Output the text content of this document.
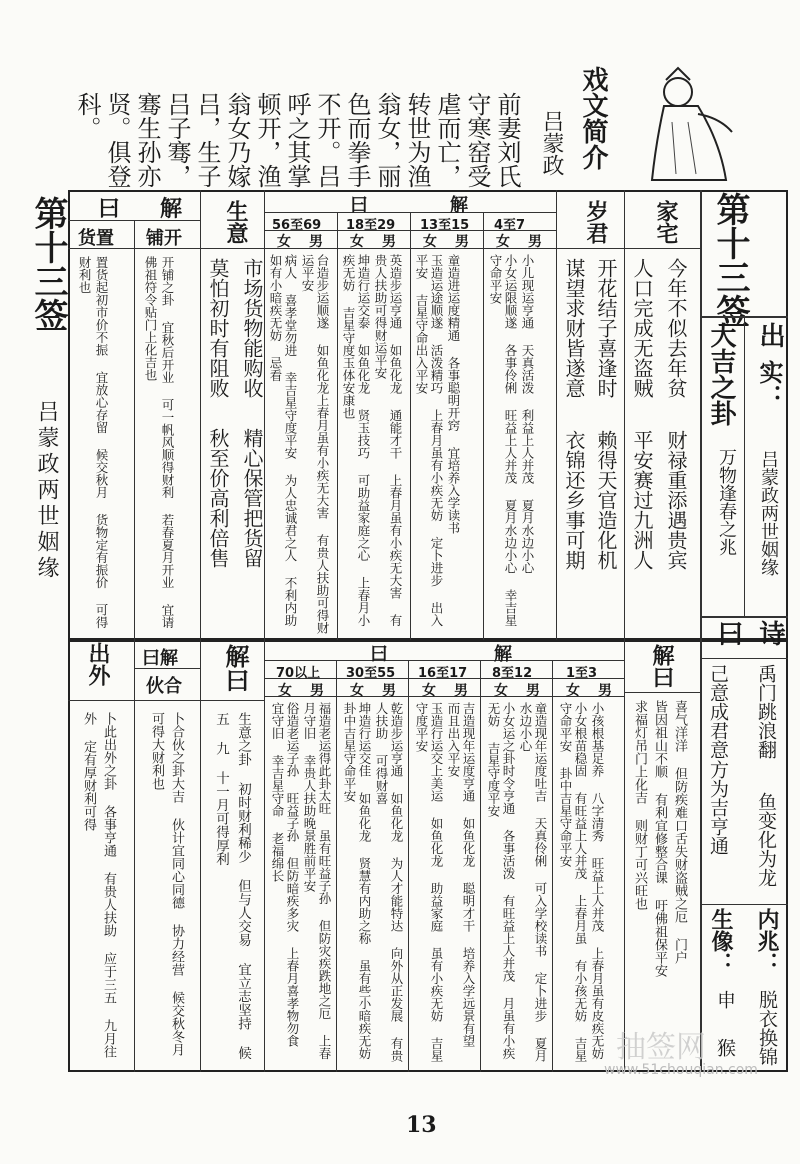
戏文简介
吕蒙政
前妻刘氏守寒窑受虐而亡，转世为渔翁女，丽色而拳手不开。吕呼之其掌顿开，渔翁女乃嫁吕，生子吕子骞，骞生孙亦贤。俱登科。
第十三签
吕蒙政两世姻缘
第十三签
大吉之卦 出
实：
吕蒙政两世姻缘
万物逢春之兆
曰 诗
禹门跳浪翻
鱼变化为龙
方为吉亨通
己意成君意
内兆：
脱衣换锦
生像：
申
猴
家宅
今年不似去年贫
财禄重添遇贵宾
人口完成无盗贼
平安赛过九洲人
岁君
开花结子喜逢时
赖得天官造化机
谋望求财皆遂意
衣锦还乡事可期
解
曰
4至7
13至15
18至29
56至69
男
女
男
女
男
女
男
女
小儿现运亨通 天真活泼 利益上人并茂 夏月水边小心
小女运限顺遂 各事伶俐 旺益上人并茂 夏月水边小心 幸吉星守命平安
童造进运度精通 各事聪明开窍 宜培养入学读书
玉造运途顺遂 活泼精巧 上春月虽有小疾无妨 定卜进步 出入平安 吉星守命出入平安
英造步运亨通 如鱼化龙 通能才干 上春月虽有小疾无大害 有贵人扶助可得财运平安
坤造行运交泰 如鱼化龙 贤玉技巧 可助益家庭之心 上春月小疾无妨 吉星守度玉体安康也
台造步运顺遂 如鱼化龙上春月虽有小疾无大害 有贵人扶助可得财运平安
病人 喜孝堂勿进 幸吉星守度平安 为人忠诚君之人 不利内助 如有小暗疾无妨 忌看
生意
市场货物能购收
精心保管把货留
莫怕初时有阻败
秋至价高利倍售
解
曰
铺开
货置
开铺之卦 宜秋后开业 可一帆风顺得财利 若春夏月开业 宜请佛祖符令贴门上化吉也
置货起初市价不振 宜放心存留 候交秋月 货物定有振价 可得财利也
解曰
喜气洋洋 但防疾难口舌失财盗贼之厄 门户
皆因祖山不顺 有利宜修整合课 吁佛祖保平安
求福灯吊门上化吉 则财丁可兴旺也
解
曰
1至3
8至12
16至17
30至55
70以上
男
女
男
女
男
女
男
女
男
女
小孩根基足养 八字清秀 旺益上人并茂 上春月虽有皮疾无妨
小女根苗稳固 有旺益上人并茂 上春月虽 有小孩无妨 吉星守命平安 卦中吉星守命平安
童造现年运度吐吉 天真伶俐 可入学校读书 定卜进步 夏月水边小心
小女运之卦时令亨通 各事活泼 有旺益上人并茂 月虽有小疾无妨 吉星守度平安
吉造现年运度亨通 如鱼化龙 聪明才干 培养入学远景有望 而且出入平安
玉造行运交上美运 如鱼化龙 助益家庭 虽有小疾无妨 吉星守度平安
乾造步运亨通 如鱼化龙 为人才能特达 向外从正发展 有贵人扶助 可得财喜
坤造行运交佳 如鱼化龙 贤慧有内助之称 虽有些小暗疾无妨 卦中吉星守命平安
福造老运得此卦太旺 虽有旺益子孙 但防灾疾跌地之厄 上春月守旧 幸贵人扶助晚景胜前平安
俗造老运子孙 旺益子孙 但防暗疾多灾 上春月喜孝物勿食 宜守旧 幸吉星守命 老福绵长
解曰
生意之卦 初时财利稀少 但与人交易 宜立志坚持 候五 九 十一月可得厚利
曰解
伙合
出外
卜合伙之卦大吉 伙计宜同心同德 协力经营 候交秋冬月 可得大财利也
卜此出外之卦 各事亨通 有贵人扶助 应于三五 九月往外 定有厚财利可得
13
抽签网
www.51chouqian.com
